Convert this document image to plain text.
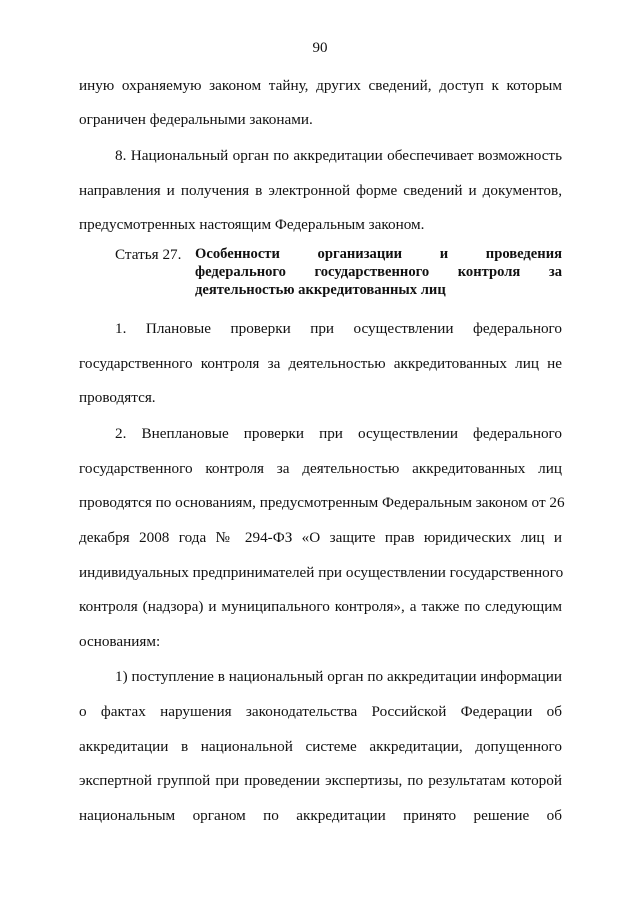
90
иную охраняемую законом тайну, других сведений, доступ к которым
ограничен федеральными законами.
8. Национальный орган по аккредитации обеспечивает возможность
направления и получения в электронной форме сведений и документов,
предусмотренных настоящим Федеральным законом.
Статья 27. Особенности организации и проведения
федерального государственного контроля за
деятельностью аккредитованных лиц
1. Плановые проверки при осуществлении федерального
государственного контроля за деятельностью аккредитованных лиц не
проводятся.
2. Внеплановые проверки при осуществлении федерального
государственного контроля за деятельностью аккредитованных лиц
проводятся по основаниям, предусмотренным Федеральным законом от 26
декабря 2008 года № 294-ФЗ «О защите прав юридических лиц и
индивидуальных предпринимателей при осуществлении государственного
контроля (надзора) и муниципального контроля», а также по следующим
основаниям:
1) поступление в национальный орган по аккредитации информации
о фактах нарушения законодательства Российской Федерации об
аккредитации в национальной системе аккредитации, допущенного
экспертной группой при проведении экспертизы, по результатам которой
национальным органом по аккредитации принято решение об
